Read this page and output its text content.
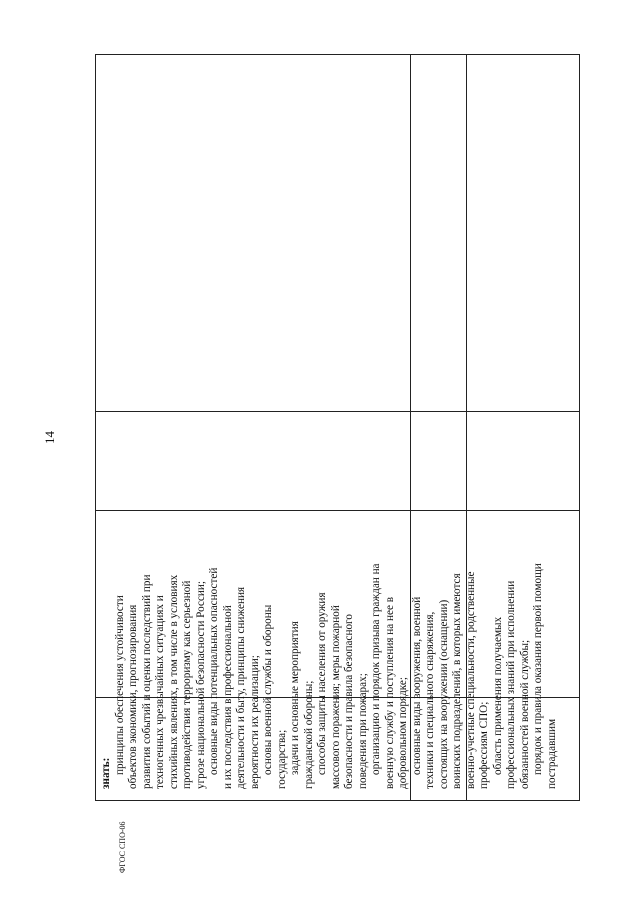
14
знать: принципы обеспечения устойчивости объектов экономики, прогнозирования развития событий и оценки последствий при техногенных чрезвычайных ситуациях и стихийных явлениях, в том числе в условиях противодействия терроризму как серьезной угрозе национальной безопасности России; основные виды потенциальных опасностей и их последствия в профессиональной деятельности и быту, принципы снижения вероятности их реализации; основы военной службы и обороны государства; задачи и основные мероприятия гражданской обороны; способы защиты населения от оружия массового поражения; меры пожарной безопасности и правила безопасного поведения при пожарах; организацию и порядок призыва граждан на военную службу и поступления на нее в добровольном порядке; основные виды вооружения, военной техники и специального снаряжения, состоящих на вооружении (оснащении) воинских подразделений, в которых имеются военно-учетные специальности, родственные профессиям СПО; область применения получаемых профессиональных знаний при исполнении обязанностей военной службы; порядок и правила оказания первой помощи пострадавшим
ФГОС СПО-06
